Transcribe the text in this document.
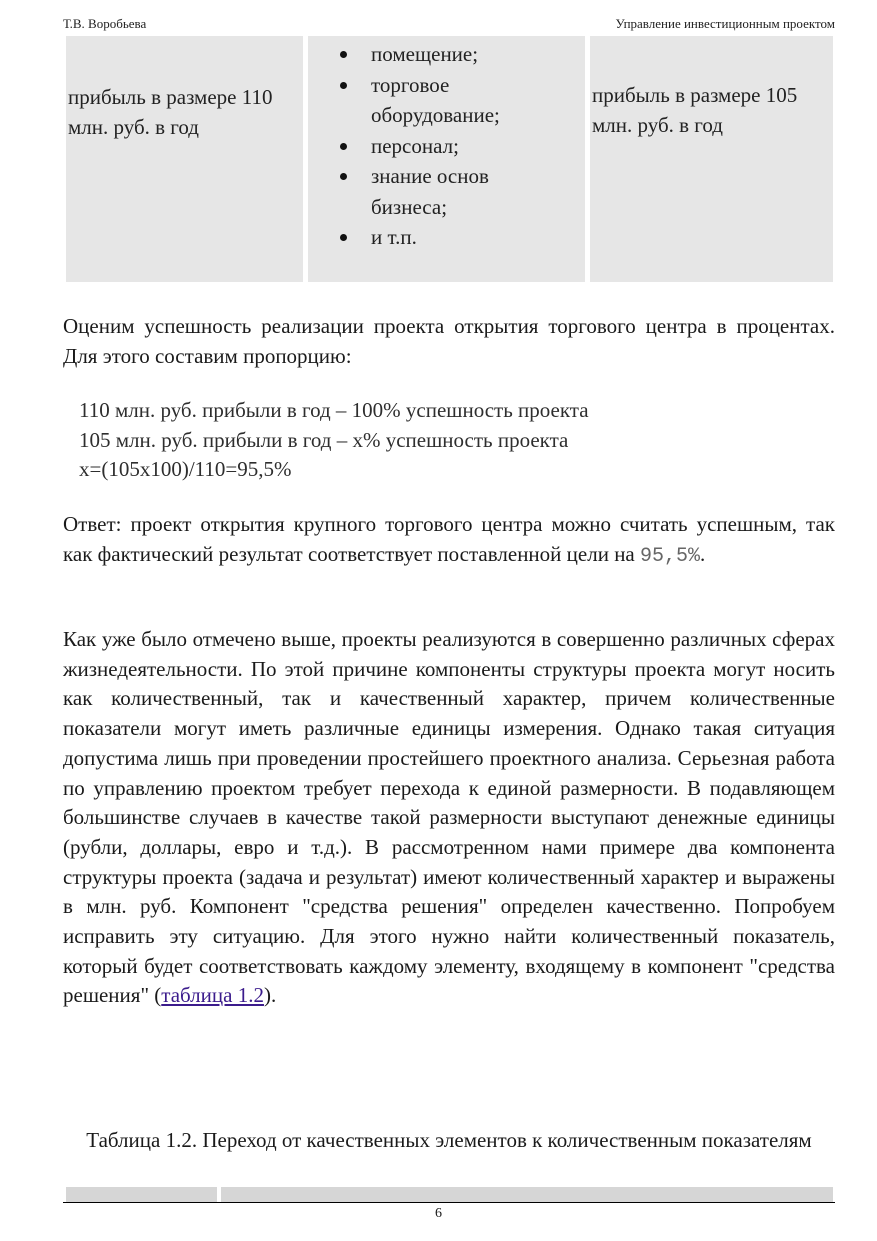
Т.В. Воробьева	Управление инвестиционным проектом
прибыль в размере 110 млн. руб. в год
помещение;
торговое оборудование;
персонал;
знание основ бизнеса;
и т.п.
прибыль в размере 105 млн. руб. в год
Оценим успешность реализации проекта открытия торгового центра в процентах. Для этого составим пропорцию:
110 млн. руб. прибыли в год – 100% успешность проекта
105 млн. руб. прибыли в год – х% успешность проекта
х=(105х100)/110=95,5%
Ответ: проект открытия крупного торгового центра можно считать успешным, так как фактический результат соответствует поставленной цели на 95,5%.
Как уже было отмечено выше, проекты реализуются в совершенно различных сферах жизнедеятельности. По этой причине компоненты структуры проекта могут носить как количественный, так и качественный характер, причем количественные показатели могут иметь различные единицы измерения. Однако такая ситуация допустима лишь при проведении простейшего проектного анализа. Серьезная работа по управлению проектом требует перехода к единой размерности. В подавляющем большинстве случаев в качестве такой размерности выступают денежные единицы (рубли, доллары, евро и т.д.). В рассмотренном нами примере два компонента структуры проекта (задача и результат) имеют количественный характер и выражены в млн. руб. Компонент "средства решения" определен качественно. Попробуем исправить эту ситуацию. Для этого нужно найти количественный показатель, который будет соответствовать каждому элементу, входящему в компонент "средства решения" (таблица 1.2).
Таблица 1.2. Переход от качественных элементов к количественным показателям
6
